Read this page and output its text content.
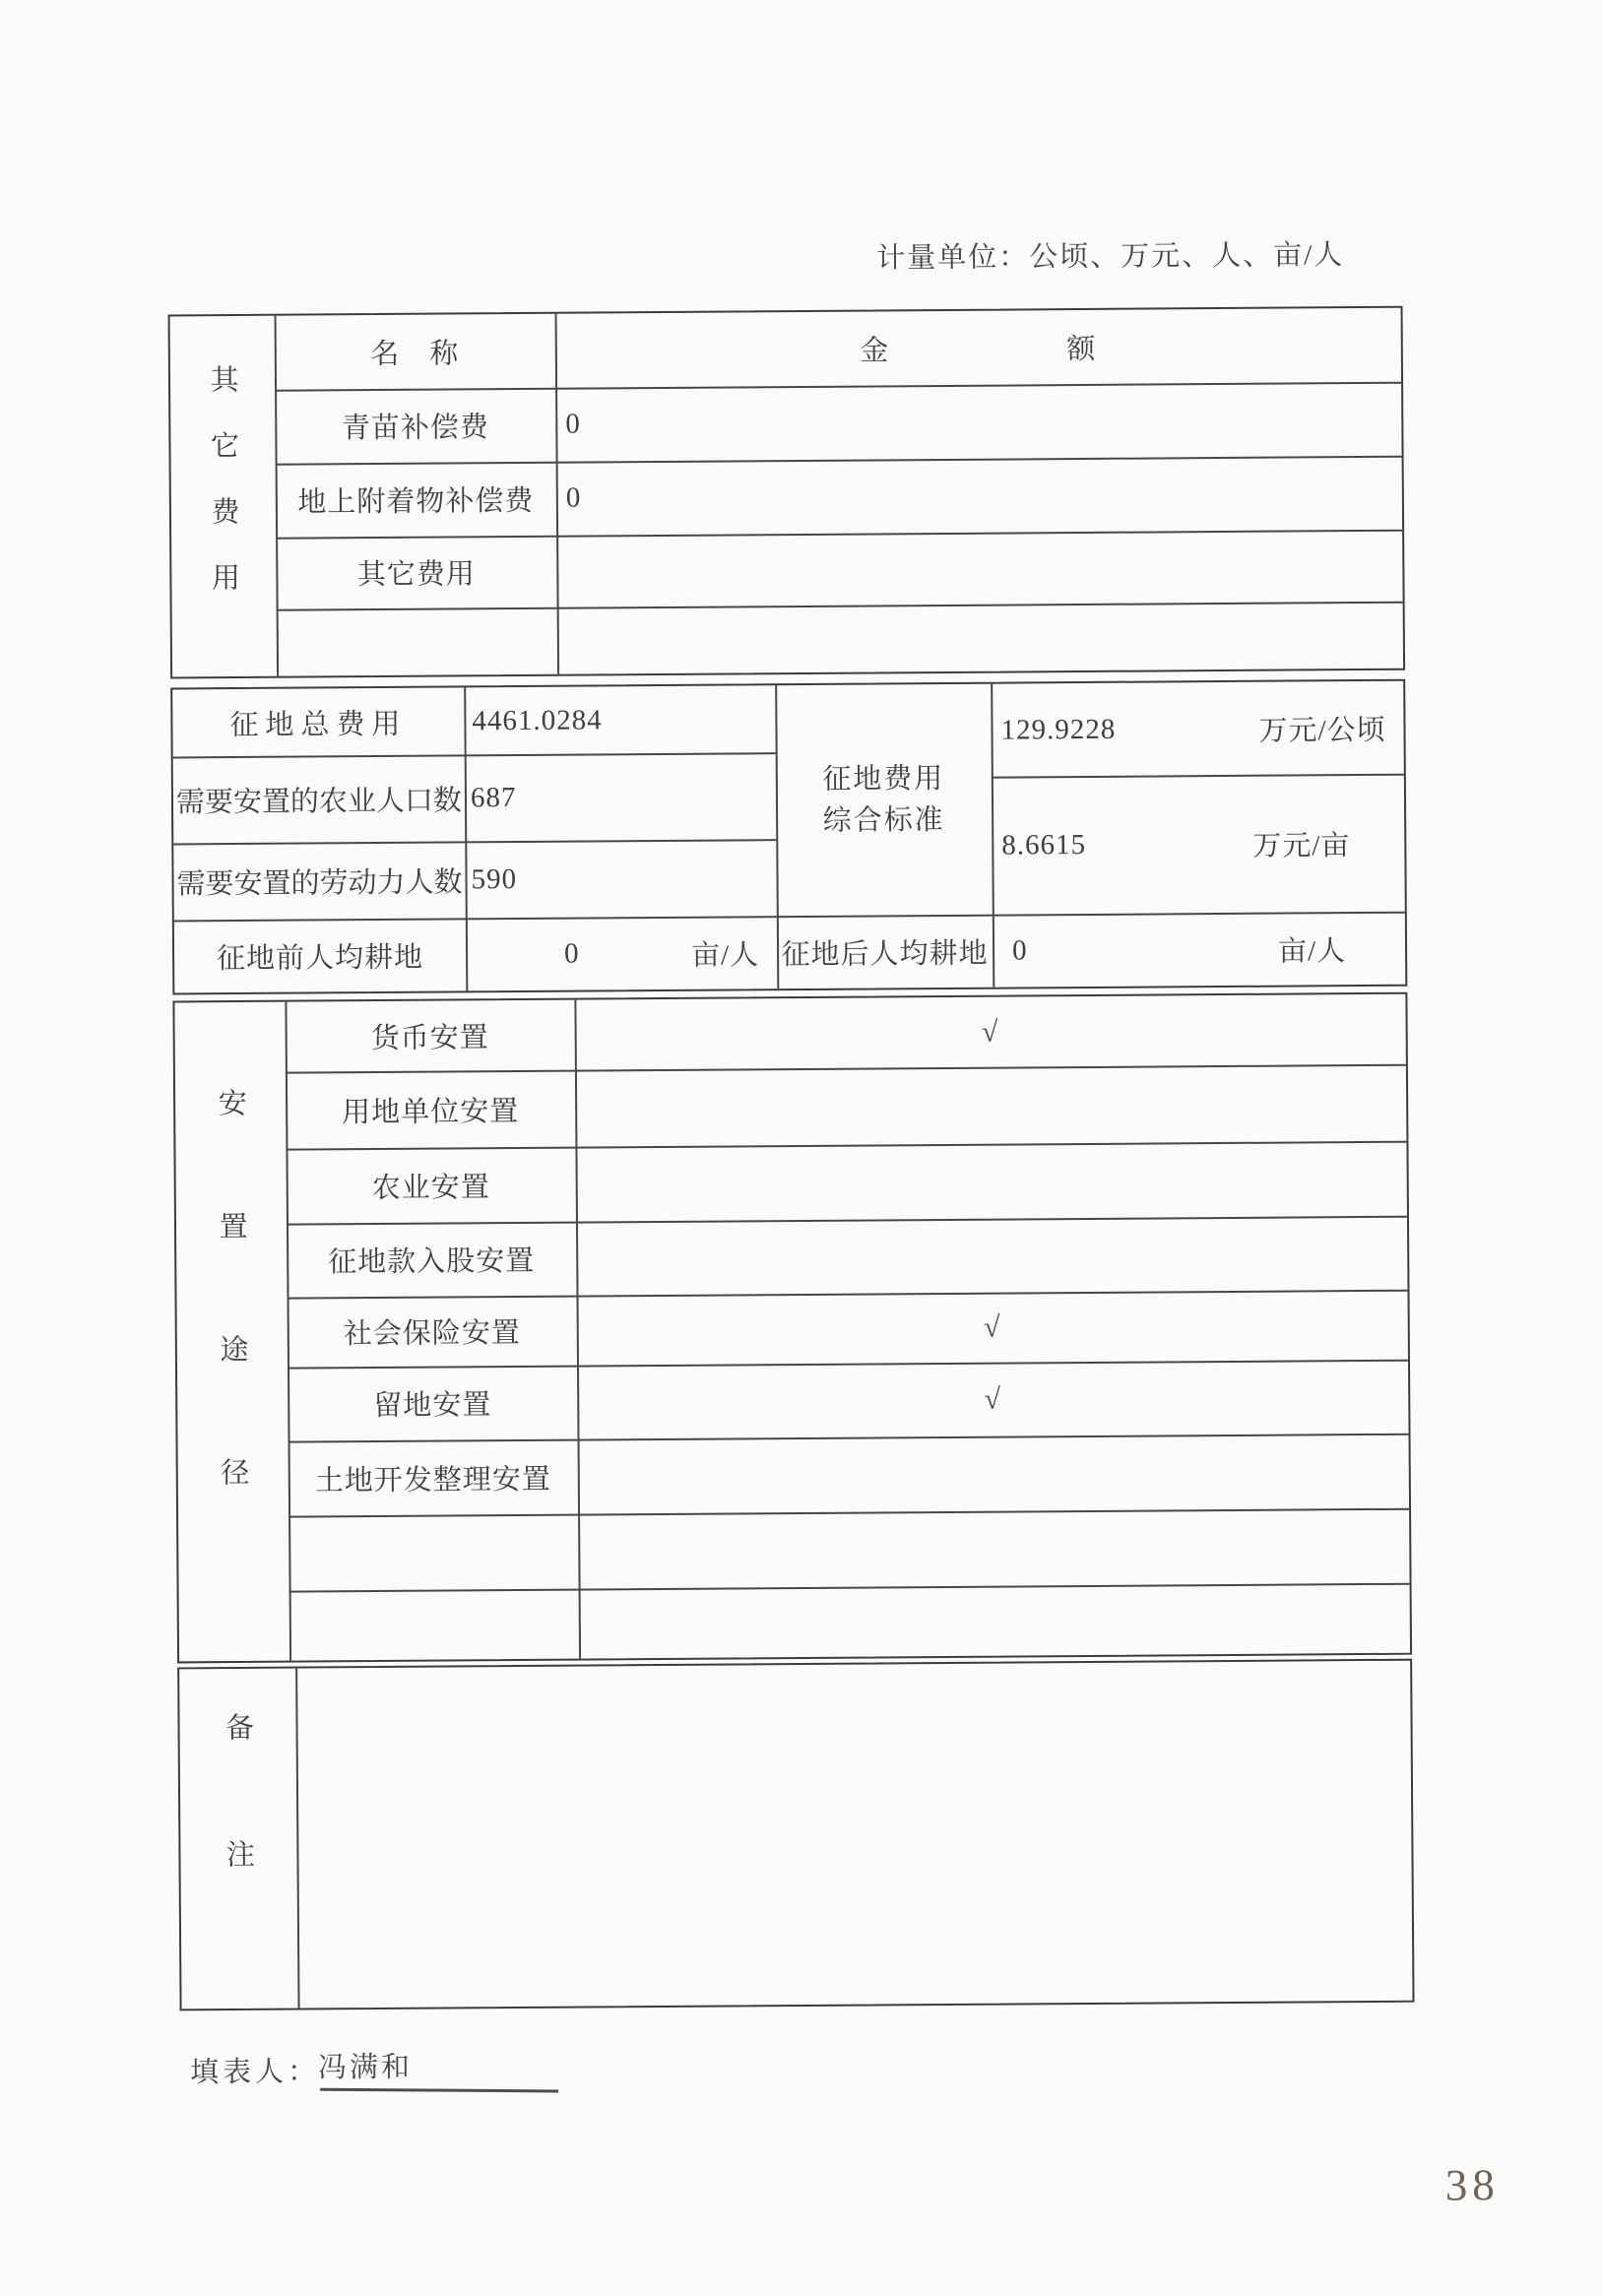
计量单位：公顷、万元、人、亩/人
其它费用
名　称	金　　　　　　额
青苗补偿费	0
地上附着物补偿费	0
其它费用
征地总费用	4461.0284
需要安置的农业人口数 687
需要安置的劳动力人数 590
征地费用
综合标准
129.9228	万元/公顷
8.6615	万元/亩
征地前人均耕地	0	亩/人 征地后人均耕地 0	亩/人
安置途径
货币安置	√
用地单位安置
农业安置
征地款入股安置
社会保险安置	√
留地安置	√
土地开发整理安置
备注
填表人：
冯满和
38
